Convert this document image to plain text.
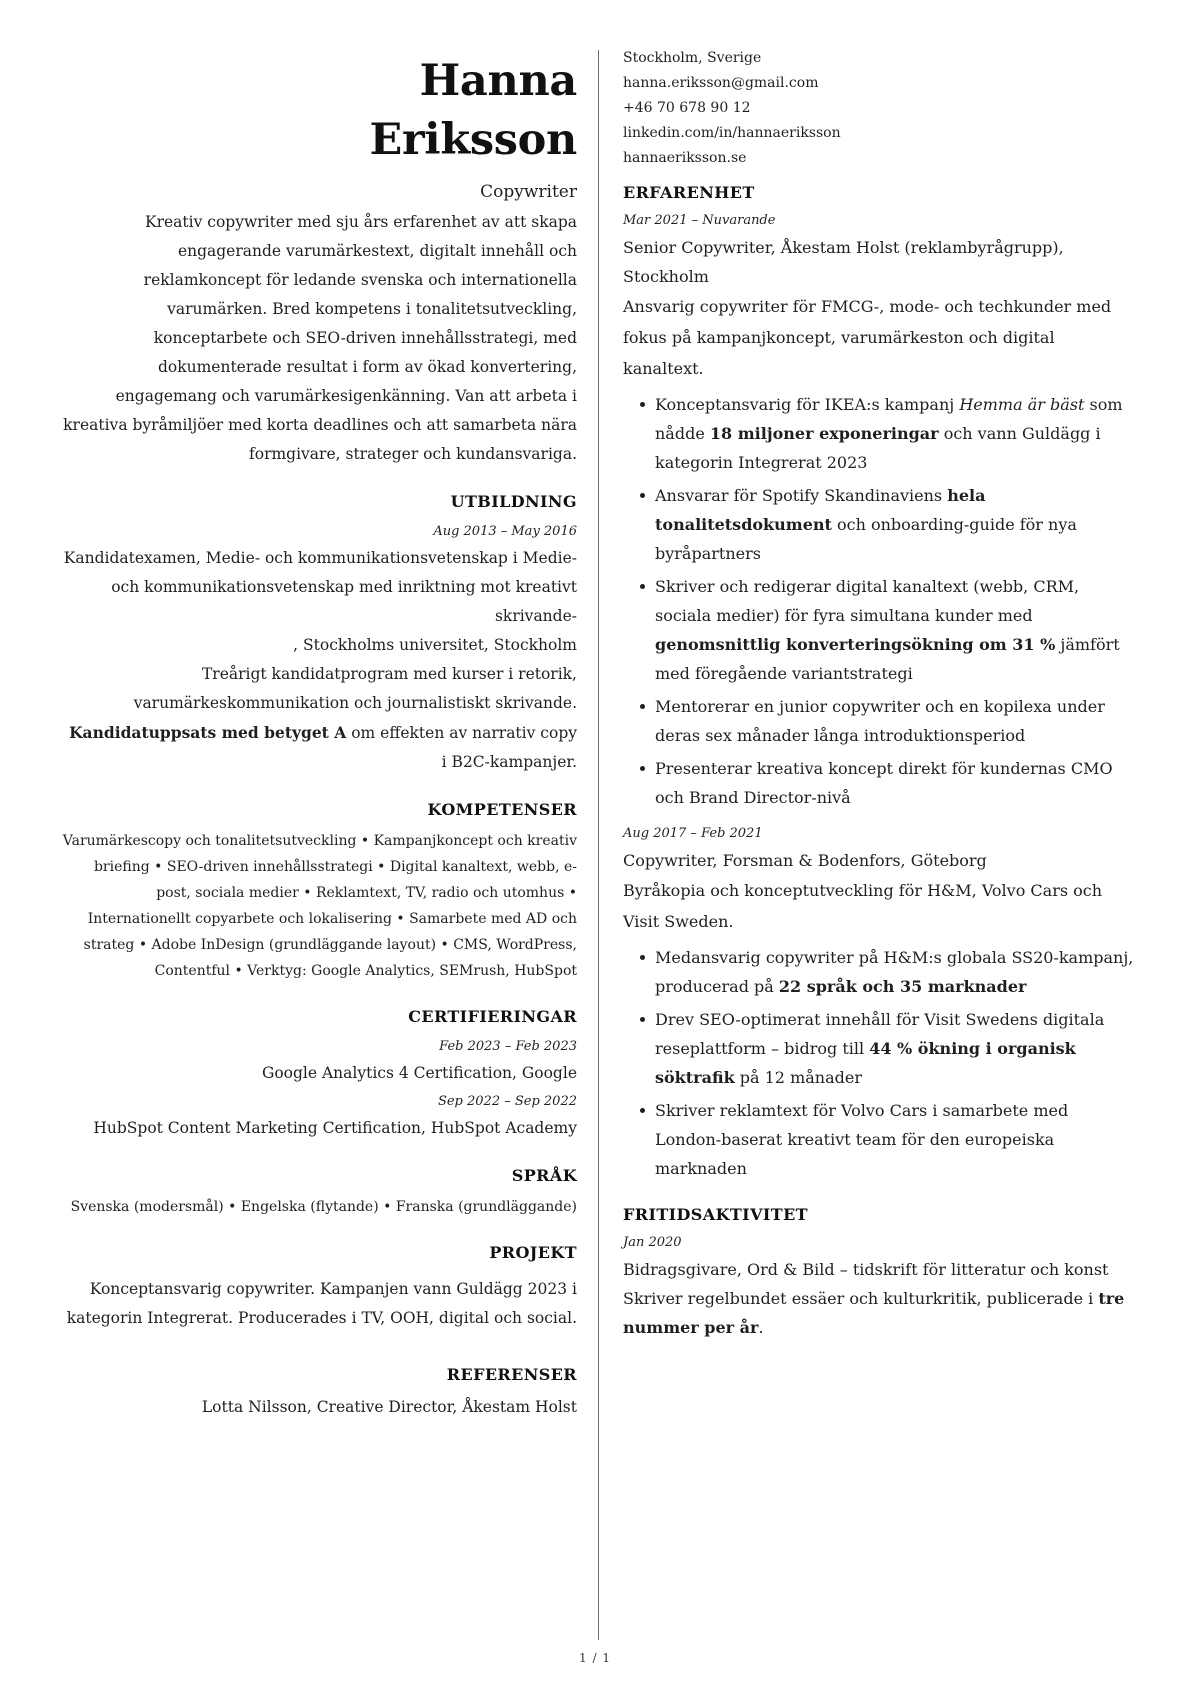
Hanna
Eriksson
Copywriter

Kreativ copywriter med sju års erfarenhet av att skapa engagerande varumärkestext, digitalt innehåll och reklamkoncept för ledande svenska och internationella varumärken. Bred kompetens i tonalitetsutveckling, konceptarbete och SEO-driven innehållsstrategi, med dokumenterade resultat i form av ökad konvertering, engagemang och varumärkesigenkänning. Van att arbeta i kreativa byråmiljöer med korta deadlines och att samarbeta nära formgivare, strateger och kundansvariga.

UTBILDNING
Aug 2013 – May 2016
Kandidatexamen, Medie- och kommunikationsvetenskap i Medie- och kommunikationsvetenskap med inriktning mot kreativt skrivande-
, Stockholms universitet, Stockholm
Treårigt kandidatprogram med kurser i retorik, varumärkeskommunikation och journalistiskt skrivande.
Kandidatuppsats med betyget A om effekten av narrativ copy i B2C-kampanjer.
KOMPETENSER
Varumärkescopy och tonalitetsutveckling • Kampanjkoncept och kreativ briefing • SEO-driven innehållsstrategi • Digital kanaltext, webb, e-post, sociala medier • Reklamtext, TV, radio och utomhus • Internationellt copyarbete och lokalisering • Samarbete med AD och strateg • Adobe InDesign (grundläggande layout) • CMS, WordPress, Contentful • Verktyg: Google Analytics, SEMrush, HubSpot
CERTIFIERINGAR
Feb 2023 – Feb 2023
Google Analytics 4 Certification, Google
Sep 2022 – Sep 2022
HubSpot Content Marketing Certification, HubSpot Academy
SPRÅK
Svenska (modersmål) • Engelska (flytande) • Franska (grundläggande)
PROJEKT
Konceptansvarig copywriter. Kampanjen vann Guldägg 2023 i kategorin Integrerat. Producerades i TV, OOH, digital och social.
REFERENSER
Lotta Nilsson, Creative Director, Åkestam Holst
Stockholm, Sverige
hanna.eriksson@gmail.com
+46 70 678 90 12
linkedin.com/in/hannaeriksson
hannaeriksson.se
ERFARENHET
Mar 2021 – Nuvarande
Senior Copywriter, Åkestam Holst (reklambyrågrupp), Stockholm
Ansvarig copywriter för FMCG-, mode- och techkunder med fokus på kampanjkoncept, varumärkeston och digital kanaltext.
Konceptansvarig för IKEA:s kampanj Hemma är bäst som nådde 18 miljoner exponeringar och vann Guldägg i kategorin Integrerat 2023
Ansvarar för Spotify Skandinaviens hela tonalitetsdokument och onboarding-guide för nya byråpartners
Skriver och redigerar digital kanaltext (webb, CRM, sociala medier) för fyra simultana kunder med genomsnittlig konverteringsökning om 31 % jämfört med föregående variantstrategi
Mentorerar en junior copywriter och en kopilexa under deras sex månader långa introduktionsperiod
Presenterar kreativa koncept direkt för kundernas CMO och Brand Director-nivå
Aug 2017 – Feb 2021
Copywriter, Forsman & Bodenfors, Göteborg
Byråkopia och konceptutveckling för H&M, Volvo Cars och Visit Sweden.
Medansvarig copywriter på H&M:s globala SS20-kampanj, producerad på 22 språk och 35 marknader
Drev SEO-optimerat innehåll för Visit Swedens digitala reseplattform – bidrog till 44 % ökning i organisk söktrafik på 12 månader
Skriver reklamtext för Volvo Cars i samarbete med London-baserat kreativt team för den europeiska marknaden
FRITIDSAKTIVITET
Jan 2020
Bidragsgivare, Ord & Bild – tidskrift för litteratur och konst
Skriver regelbundet essäer och kulturkritik, publicerade i tre nummer per år.
1 / 1
